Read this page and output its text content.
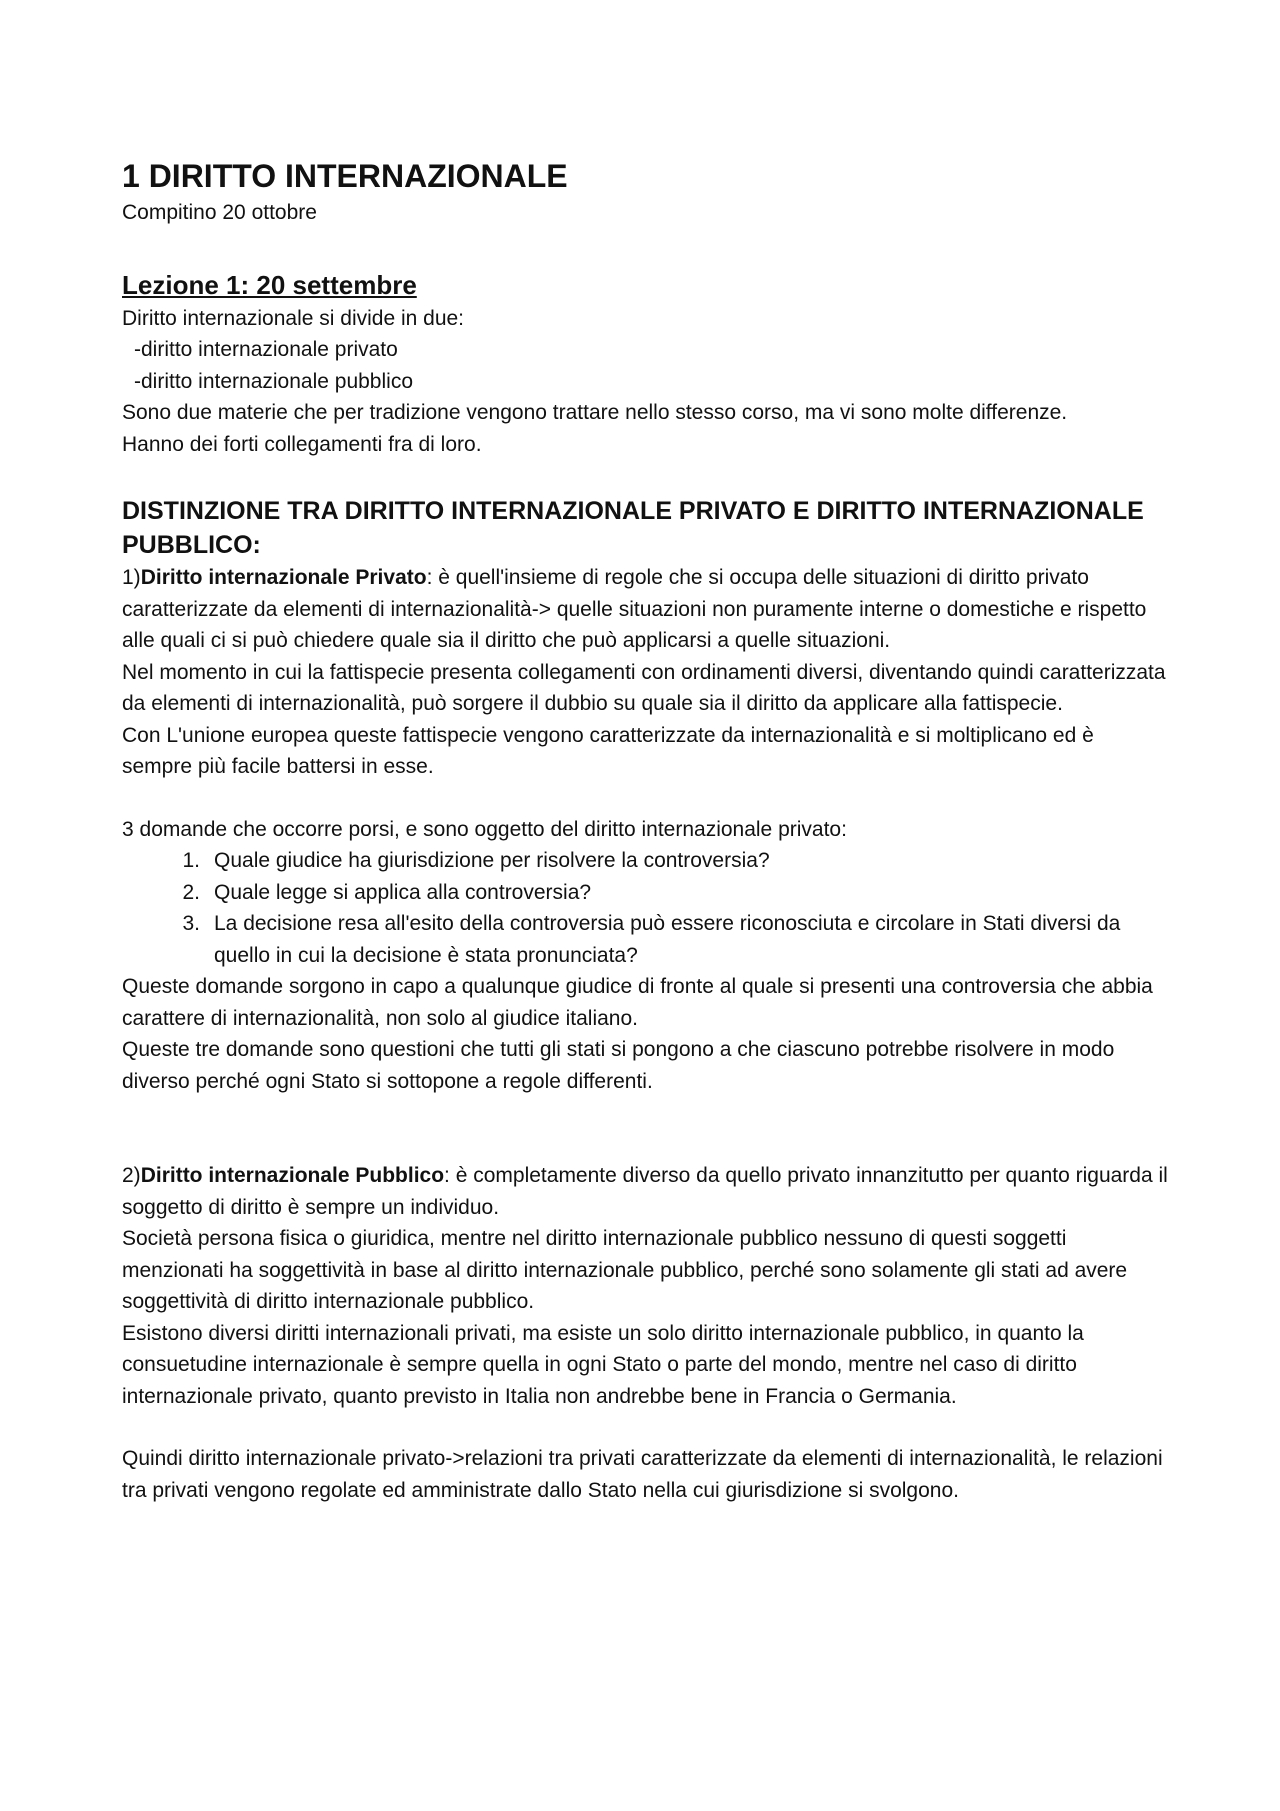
1 DIRITTO INTERNAZIONALE

Compitino 20 ottobre

Lezione 1: 20 settembre

Diritto internazionale si divide in due:

-diritto internazionale privato

-diritto internazionale pubblico

Sono due materie che per tradizione vengono trattare nello stesso corso, ma vi sono molte differenze.

Hanno dei forti collegamenti fra di loro.

DISTINZIONE TRA DIRITTO INTERNAZIONALE PRIVATO E DIRITTO INTERNAZIONALE PUBBLICO:

1)Diritto internazionale Privato: è quell'insieme di regole che si occupa delle situazioni di diritto privato caratterizzate da elementi di internazionalità-> quelle situazioni non puramente interne o domestiche e rispetto alle quali ci si può chiedere quale sia il diritto che può applicarsi a quelle situazioni.

Nel momento in cui la fattispecie presenta collegamenti con ordinamenti diversi, diventando quindi caratterizzata da elementi di internazionalità, può sorgere il dubbio su quale sia il diritto da applicare alla fattispecie.

Con L'unione europea queste fattispecie vengono caratterizzate da internazionalità e si moltiplicano ed è sempre più facile battersi in esse.

3 domande che occorre porsi, e sono oggetto del diritto internazionale privato:

1. Quale giudice ha giurisdizione per risolvere la controversia?
2. Quale legge si applica alla controversia?
3. La decisione resa all'esito della controversia può essere riconosciuta e circolare in Stati diversi da quello in cui la decisione è stata pronunciata?

Queste domande sorgono in capo a qualunque giudice di fronte al quale si presenti una controversia che abbia carattere di internazionalità, non solo al giudice italiano.

Queste tre domande sono questioni che tutti gli stati si pongono a che ciascuno potrebbe risolvere in modo diverso perché ogni Stato si sottopone a regole differenti.

2)Diritto internazionale Pubblico: è completamente diverso da quello privato innanzitutto per quanto riguarda il soggetto di diritto è sempre un individuo.

Società persona fisica o giuridica, mentre nel diritto internazionale pubblico nessuno di questi soggetti menzionati ha soggettività in base al diritto internazionale pubblico, perché sono solamente gli stati ad avere soggettività di diritto internazionale pubblico.

Esistono diversi diritti internazionali privati, ma esiste un solo diritto internazionale pubblico, in quanto la consuetudine internazionale è sempre quella in ogni Stato o parte del mondo, mentre nel caso di diritto internazionale privato, quanto previsto in Italia non andrebbe bene in Francia o Germania.

Quindi diritto internazionale privato->relazioni tra privati caratterizzate da elementi di internazionalità, le relazioni tra privati vengono regolate ed amministrate dallo Stato nella cui giurisdizione si svolgono.
